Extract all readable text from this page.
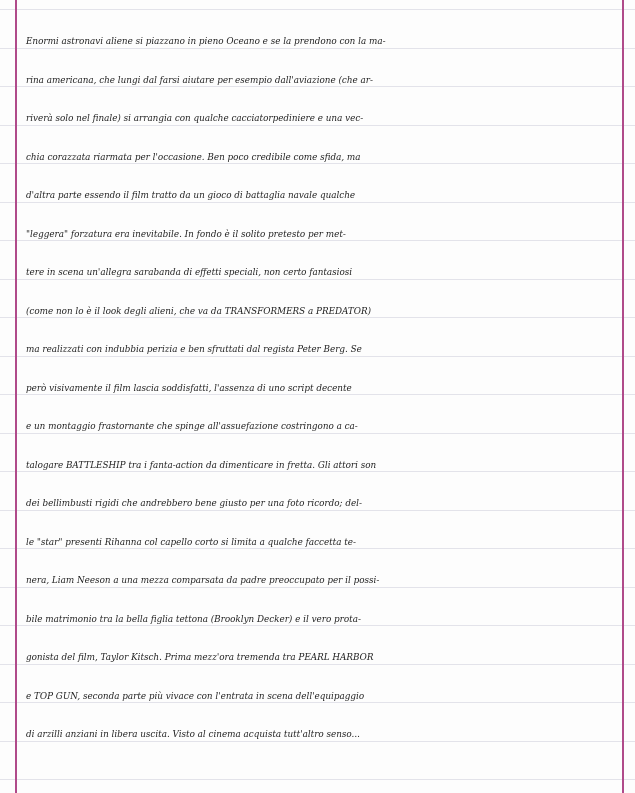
Enormi astronavi aliene si piazzano in pieno Oceano e se la prendono con la ma-
rina americana, che lungi dal farsi aiutare per esempio dall'aviazione (che ar-
riverà solo nel finale) si arrangia con qualche cacciatorpediniere e una vec-
chia corazzata riarmata per l'occasione. Ben poco credibile come sfida, ma
d'altra parte essendo il film tratto da un gioco di battaglia navale qualche
"leggera" forzatura era inevitabile. In fondo è il solito pretesto per met-
tere in scena un'allegra sarabanda di effetti speciali, non certo fantasiosi
(come non lo è il look degli alieni, che va da TRANSFORMERS a PREDATOR)
ma realizzati con indubbia perizia e ben sfruttati dal regista Peter Berg. Se
però visivamente il film lascia soddisfatti, l'assenza di uno script decente
e un montaggio frastornante che spinge all'assuefazione costringono a ca-
talogare BATTLESHIP tra i fanta-action da dimenticare in fretta. Gli attori son
dei bellimbusti rigidi che andrebbero bene giusto per una foto ricordo; del-
le "star" presenti Rihanna col capello corto si limita a qualche faccetta te-
nera, Liam Neeson a una mezza comparsata da padre preoccupato per il possi-
bile matrimonio tra la bella figlia tettona (Brooklyn Decker) e il vero prota-
gonista del film, Taylor Kitsch. Prima mezz'ora tremenda tra PEARL HARBOR
e TOP GUN, seconda parte più vivace con l'entrata in scena dell'equipaggio
di arzilli anziani in libera uscita. Visto al cinema acquista tutt'altro senso...
